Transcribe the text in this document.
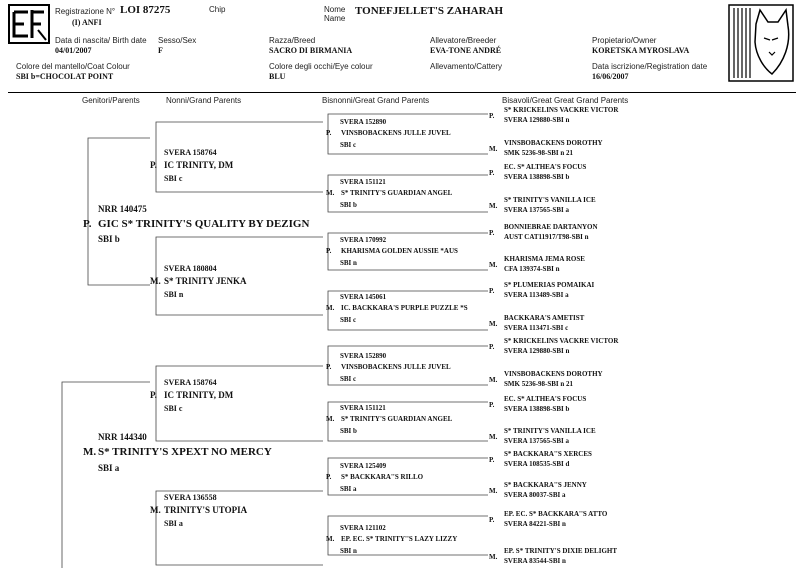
Registrazione N° LOI 87275
(I) ANFI
Chip	Nome
Name
TONEFJELLET'S ZAHARAH
Data di nascita/ Birth date
04/01/2007
Sesso/Sex
F
Razza/Breed
SACRO DI BIRMANIA
Allevatore/Breeder
EVA-TONE ANDRÉ
Propietario/Owner
KORETSKA MYROSLAVA
Colore del mantello/Coat Colour
SBI b=CHOCOLAT POINT
Colore degli occhi/Eye colour
BLU
Allevamento/Cattery	Data iscrizione/Registration date
16/06/2007
Genitori/Parents	Nonni/Grand Parents	Bisnonni/Great Grand Parents	Bisavoli/Great Great Grand Parents
NRR 140475
P. GIC S* TRINITY'S QUALITY BY DEZIGN
SBI b
NRR 144340
M. S* TRINITY'S XPEXT NO MERCY
SBI a
SVERA 158764
P. IC TRINITY, DM
SBI c
SVERA 180804
M. S* TRINITY JENKA
SBI n
SVERA 158764
P. IC TRINITY, DM
SBI c
SVERA 136558
M. TRINITY'S UTOPIA
SBI a
SVERA 152890
P. VINSBOBACKENS JULLE JUVEL
SBI c
SVERA 151121
M. S* TRINITY'S GUARDIAN ANGEL
SBI b
SVERA 170992
P. KHARISMA GOLDEN AUSSIE *AUS
SBI n
SVERA 145061
M. IC. BACKKARA'S PURPLE PUZZLE *S
SBI c
SVERA 152890
P. VINSBOBACKENS JULLE JUVEL
SBI c
SVERA 151121
M. S* TRINITY'S GUARDIAN ANGEL
SBI b
SVERA 125409
P. S* BACKKARA''S RILLO
SBI a
SVERA 121102
M. EP. EC. S* TRINITY''S LAZY LIZZY
SBI n
P.
S* KRICKELINS VACKRE VICTOR
SVERA 129880-SBI n
M.
VINSBOBACKENS DOROTHY
SMK 5236-98-SBI n 21
P.
EC. S* ALTHEA'S FOCUS
SVERA 138898-SBI b
M.
S* TRINITY'S VANILLA ICE
SVERA 137565-SBI a
P.
BONNIEBRAE DARTANYON
AUST CAT11917/T98-SBI n
M.
KHARISMA JEMA ROSE
CFA 139374-SBI n
P.
S* PLUMERIAS POMAIKAI
SVERA 113489-SBI a
M.
BACKKARA'S AMETIST
SVERA 113471-SBI c
P.
S* KRICKELINS VACKRE VICTOR
SVERA 129880-SBI n
M.
VINSBOBACKENS DOROTHY
SMK 5236-98-SBI n 21
P.
EC. S* ALTHEA'S FOCUS
SVERA 138898-SBI b
M.
S* TRINITY'S VANILLA ICE
SVERA 137565-SBI a
P.
S* BACKKARA''S XERCES
SVERA 108535-SBI d
M.
S* BACKKARA''S JENNY
SVERA 80037-SBI a
P.
EP. EC. S* BACKKARA''S ATTO
SVERA 84221-SBI n
M.
EP. S* TRINITY'S DIXIE DELIGHT
SVERA 83544-SBI n
